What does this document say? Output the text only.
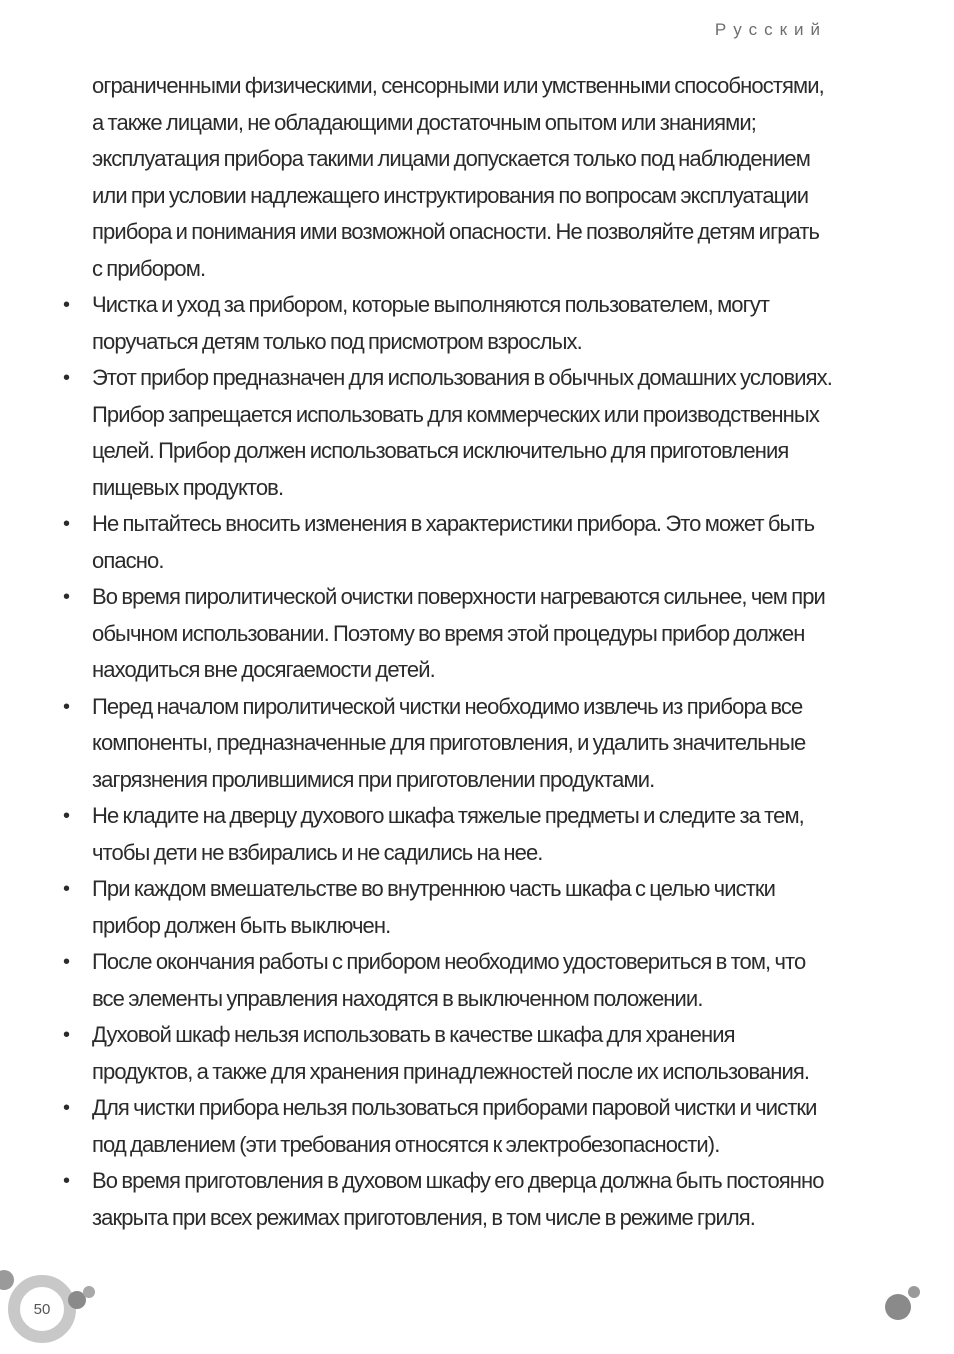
Русский

ограниченными физическими, сенсорными или умственными способностями, а также лицами, не обладающими достаточным опытом или знаниями; эксплуатация прибора такими лицами допускается только под наблюдением или при условии надлежащего инструктирования по вопросам эксплуатации прибора и понимания ими возможной опасности. Не позволяйте детям играть с прибором.

• Чистка и уход за прибором, которые выполняются пользователем, могут поручаться детям только под присмотром взрослых.
• Этот прибор предназначен для использования в обычных домашних условиях. Прибор запрещается использовать для коммерческих или производственных целей. Прибор должен использоваться исключительно для приготовления пищевых продуктов.
• Не пытайтесь вносить изменения в характеристики прибора. Это может быть опасно.
• Во время пиролитической очистки поверхности нагреваются сильнее, чем при обычном использовании. Поэтому во время этой процедуры прибор должен находиться вне досягаемости детей.
• Перед началом пиролитической чистки необходимо извлечь из прибора все компоненты, предназначенные для приготовления, и удалить значительные загрязнения пролившимися при приготовлении продуктами.
• Не кладите на дверцу духового шкафа тяжелые предметы и следите за тем, чтобы дети не взбирались и не садились на нее.
• При каждом вмешательстве во внутреннюю часть шкафа с целью чистки прибор должен быть выключен.
• После окончания работы с прибором необходимо удостовериться в том, что все элементы управления находятся в выключенном положении.
• Духовой шкаф нельзя использовать в качестве шкафа для хранения продуктов, а также для хранения принадлежностей после их использования.
• Для чистки прибора нельзя пользоваться приборами паровой чистки и чистки под давлением (эти требования относятся к электробезопасности).
• Во время приготовления в духовом шкафу его дверца должна быть постоянно закрыта при всех режимах приготовления, в том числе в режиме гриля.
50
